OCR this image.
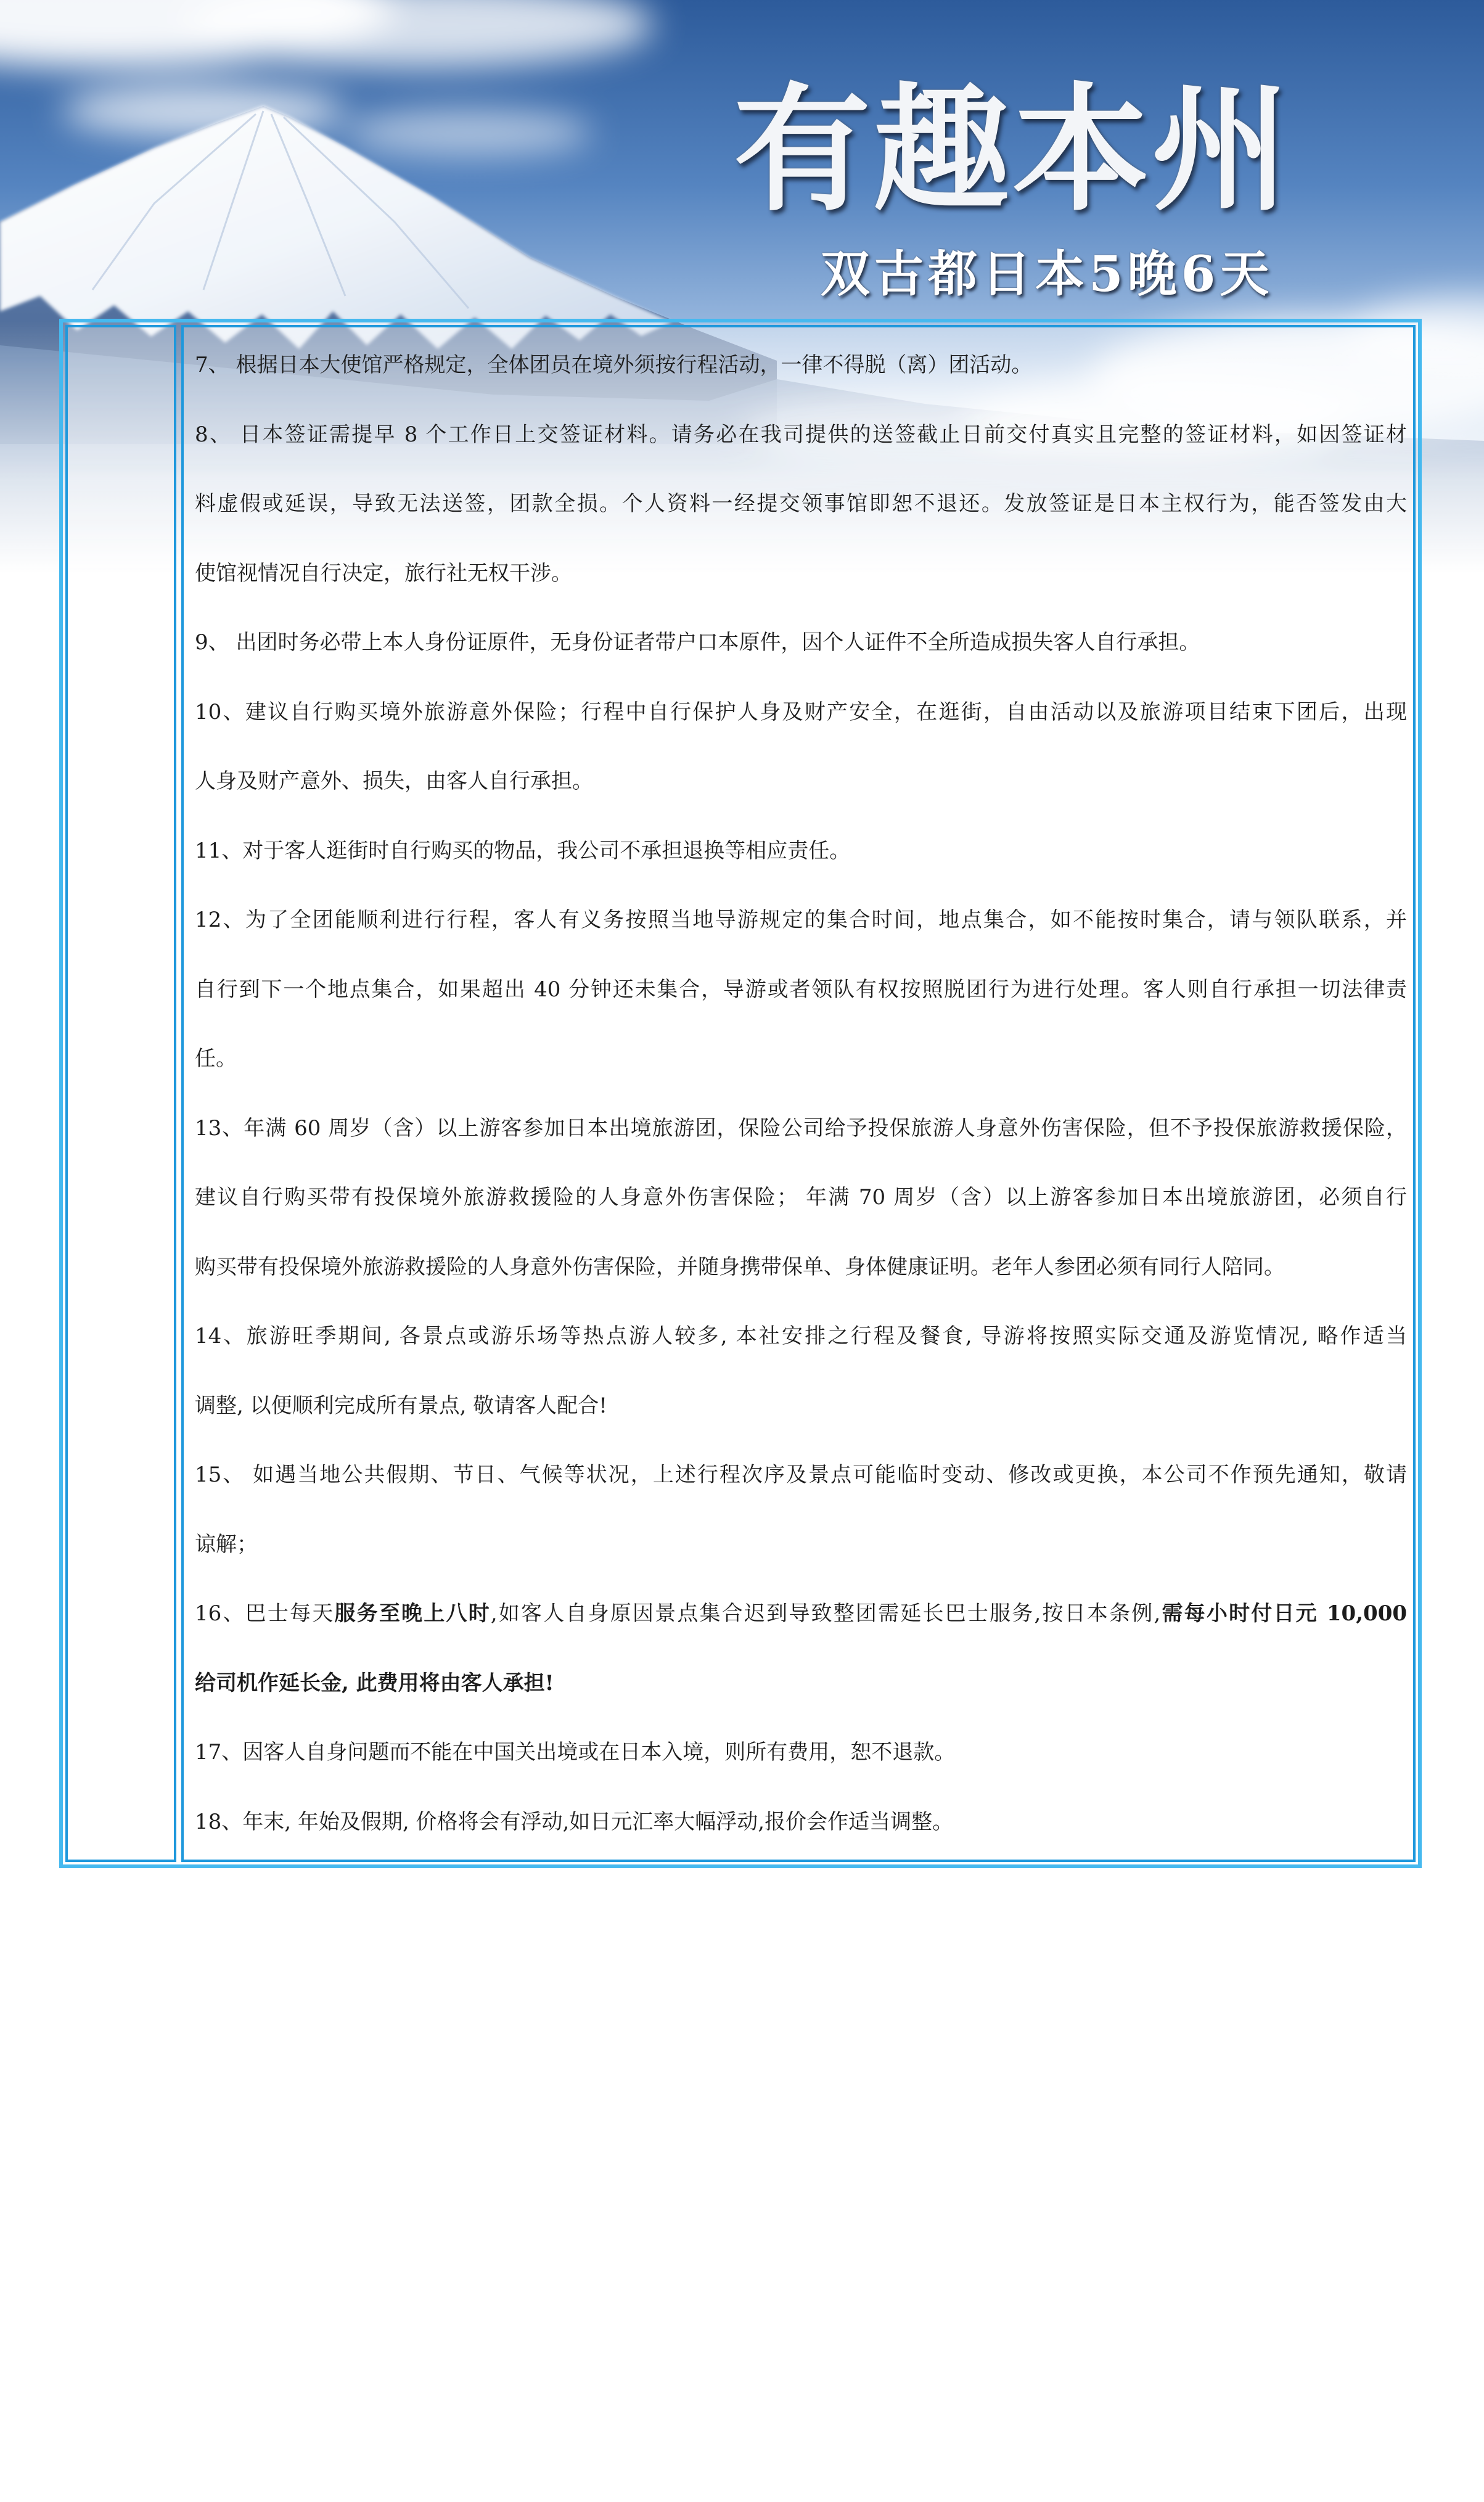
有趣本州
双古都日本5晚6天
7、 根据日本大使馆严格规定，全体团员在境外须按行程活动，一律不得脱（离）团活动。
8、 日本签证需提早 8 个工作日上交签证材料。请务必在我司提供的送签截止日前交付真实且完整的签证材料，如因签证材
料虚假或延误，导致无法送签，团款全损。个人资料一经提交领事馆即恕不退还。发放签证是日本主权行为，能否签发由大
使馆视情况自行决定，旅行社无权干涉。
9、 出团时务必带上本人身份证原件，无身份证者带户口本原件，因个人证件不全所造成损失客人自行承担。
10、建议自行购买境外旅游意外保险；行程中自行保护人身及财产安全，在逛街，自由活动以及旅游项目结束下团后，出现
人身及财产意外、损失，由客人自行承担。
11、对于客人逛街时自行购买的物品，我公司不承担退换等相应责任。
12、为了全团能顺利进行行程，客人有义务按照当地导游规定的集合时间，地点集合，如不能按时集合，请与领队联系，并
自行到下一个地点集合，如果超出 40 分钟还未集合，导游或者领队有权按照脱团行为进行处理。客人则自行承担一切法律责
任。
13、年满 60 周岁（含）以上游客参加日本出境旅游团，保险公司给予投保旅游人身意外伤害保险，但不予投保旅游救援保险，
建议自行购买带有投保境外旅游救援险的人身意外伤害保险； 年满 70 周岁（含）以上游客参加日本出境旅游团，必须自行
购买带有投保境外旅游救援险的人身意外伤害保险，并随身携带保单、身体健康证明。老年人参团必须有同行人陪同。
14、旅游旺季期间, 各景点或游乐场等热点游人较多, 本社安排之行程及餐食, 导游将按照实际交通及游览情况, 略作适当
调整, 以便顺利完成所有景点, 敬请客人配合!
15、 如遇当地公共假期、节日、气候等状况，上述行程次序及景点可能临时变动、修改或更换，本公司不作预先通知，敬请
谅解；
16、巴士每天服务至晚上八时,如客人自身原因景点集合迟到导致整团需延长巴士服务,按日本条例,需每小时付日元 10,000
给司机作延长金, 此费用将由客人承担!
17、因客人自身问题而不能在中国关出境或在日本入境，则所有费用，恕不退款。
18、年末, 年始及假期, 价格将会有浮动,如日元汇率大幅浮动,报价会作适当调整。
